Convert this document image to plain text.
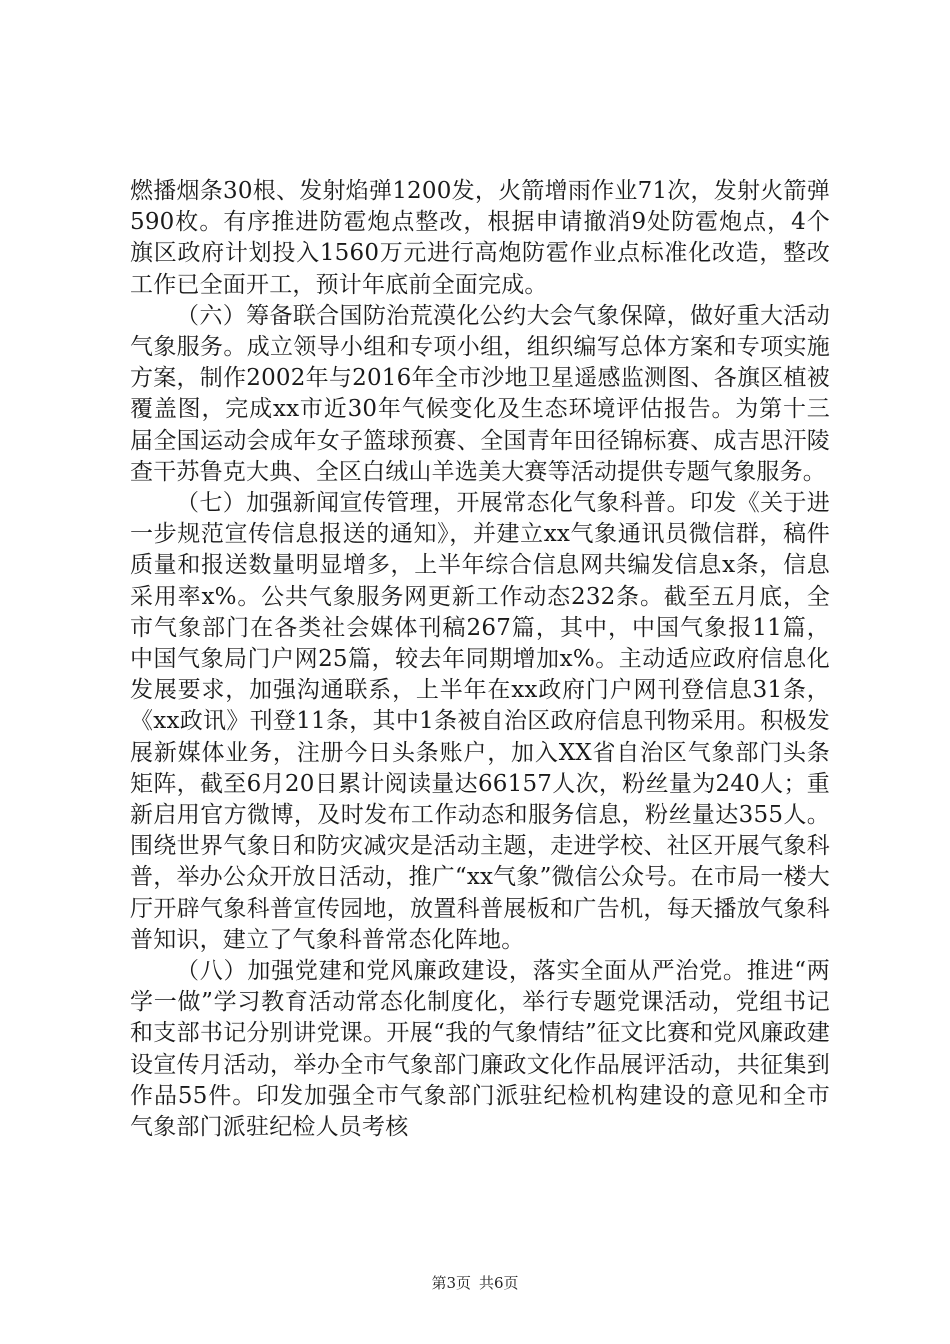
燃播烟条30根、发射焰弹1200发，火箭增雨作业71次，发射火箭弹590枚。有序推进防雹炮点整改，根据申请撤消9处防雹炮点，4个旗区政府计划投入1560万元进行高炮防雹作业点标准化改造，整改工作已全面开工，预计年底前全面完成。

（六）筹备联合国防治荒漠化公约大会气象保障，做好重大活动气象服务。成立领导小组和专项小组，组织编写总体方案和专项实施方案，制作2002年与2016年全市沙地卫星遥感监测图、各旗区植被覆盖图，完成xx市近30年气候变化及生态环境评估报告。为第十三届全国运动会成年女子篮球预赛、全国青年田径锦标赛、成吉思汗陵查干苏鲁克大典、全区白绒山羊选美大赛等活动提供专题气象服务。

（七）加强新闻宣传管理，开展常态化气象科普。印发《关于进一步规范宣传信息报送的通知》，并建立xx气象通讯员微信群，稿件质量和报送数量明显增多，上半年综合信息网共编发信息x条，信息采用率x%。公共气象服务网更新工作动态232条。截至五月底，全市气象部门在各类社会媒体刊稿267篇，其中，中国气象报11篇，中国气象局门户网25篇，较去年同期增加x%。主动适应政府信息化发展要求，加强沟通联系，上半年在xx政府门户网刊登信息31条，《xx政讯》刊登11条，其中1条被自治区政府信息刊物采用。积极发展新媒体业务，注册今日头条账户，加入XX省自治区气象部门头条矩阵，截至6月20日累计阅读量达66157人次，粉丝量为240人；重新启用官方微博，及时发布工作动态和服务信息，粉丝量达355人。围绕世界气象日和防灾减灾是活动主题，走进学校、社区开展气象科普，举办公众开放日活动，推广“xx气象”微信公众号。在市局一楼大厅开辟气象科普宣传园地，放置科普展板和广告机，每天播放气象科普知识，建立了气象科普常态化阵地。

（八）加强党建和党风廉政建设，落实全面从严治党。推进“两学一做”学习教育活动常态化制度化，举行专题党课活动，党组书记和支部书记分别讲党课。开展“我的气象情结”征文比赛和党风廉政建设宣传月活动，举办全市气象部门廉政文化作品展评活动，共征集到作品55件。印发加强全市气象部门派驻纪检机构建设的意见和全市气象部门派驻纪检人员考核

第3页 共6页
